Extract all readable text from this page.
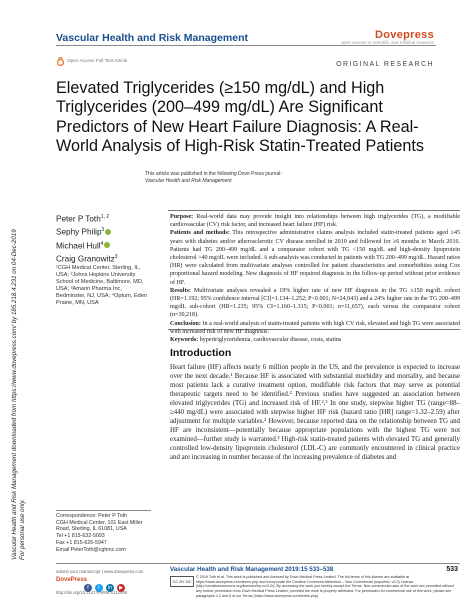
Vascular Health and Risk Management	Dovepress
open access to scientific and medical research
Open Access Full Text Article
ORIGINAL RESEARCH
Elevated Triglycerides (≥150 mg/dL) and High Triglycerides (200–499 mg/dL) Are Significant Predictors of New Heart Failure Diagnosis: A Real-World Analysis of High-Risk Statin-Treated Patients
This article was published in the following Dove Press journal:
Vascular Health and Risk Management
Peter P Toth$^{1, 2}$
Sephy Philip$^3$
Michael Hull$^4$
Craig Granowitz$^3$
¹CGH Medical Center, Sterling, IL, USA; ²Johns Hopkins University School of Medicine, Baltimore, MD, USA; ³Amarin Pharma Inc, Bedminster, NJ, USA; ⁴Optum, Eden Prairie, MN, USA
Purpose: Real-world data may provide insight into relationships between high triglycerides (TG), a modifiable cardiovascular (CV) risk factor, and increased heart failure (HF) risk.
Patients and methods: This retrospective administrative claims analysis included statin-treated patients aged ≥45 years with diabetes and/or atherosclerotic CV disease enrolled in 2010 and followed for ≥6 months to March 2016. Patients had TG 200–499 mg/dL and a comparator cohort with TG <150 mg/dL and high-density lipoprotein cholesterol >40 mg/dL were included. A sub-analysis was conducted in patients with TG 200–499 mg/dL. Hazard ratios (HR) were calculated from multivariate analyses controlled for patient characteristics and comorbidities using Cox proportional hazard modeling. New diagnosis of HF required diagnosis in the follow-up period without prior evidence of HF.
Results: Multivariate analyses revealed a 19% higher rate of new HF diagnosis in the TG ≥150 mg/dL cohort (HR=1.192; 95% confidence interval [CI]=1.134–1.252; P<0.001; N=24,043) and a 24% higher rate in the TG 200–499 mg/dL sub-cohort (HR=1.235; 95% CI=1.160–1.315; P<0.001; n=11,657), each versus the comparator cohort (n=30,218).
Conclusion: In a real-world analysis of statin-treated patients with high CV risk, elevated and high TG were associated with increased risk of new HF diagnosis.
Keywords: hypertriglyceridemia, cardiovascular disease, costs, statins
Introduction
Heart failure (HF) affects nearly 6 million people in the US, and the prevalence is expected to increase over the next decade.¹ Because HF is associated with substantial morbidity and mortality, and because most patients lack a curative treatment option, modifiable risk factors that may serve as potential therapeutic targets need to be identified.² Previous studies have suggested an association between elevated triglycerides (TG) and increased risk of HF.²,³ In one study, stepwise higher TG (range=88–≥440 mg/dL) were associated with stepwise higher HF risk (hazard ratio [HR] range=1.32–2.59) after adjustment for multiple variables.² However, because reported data on the relationship between TG and HF are inconsistent—potentially because appropriate populations with the highest TG were not examined—further study is warranted.² High-risk statin-treated patients with elevated TG and generally controlled low-density lipoprotein cholesterol (LDL-C) are commonly encountered in clinical practice and are increasing in number because of the increasing prevalence of diabetes and
Correspondence: Peter P Toth
CGH Medical Center, 101 East Miller Road, Sterling, IL 61081, USA
Tel +1 815-632-5093
Fax +1 815-626-5947
Email PeterToth@cghmc.com
Vascular Health and Risk Management 2019:15 533–538	533
submit your manuscript | www.dovepress.com
DovePress
f t in ▶
http://doi.org/10.2147/VHRM.S212548
CC BY NC
© 2019 Toth et al. This work is published and licensed by Dove Medical Press Limited. The full terms of this license are available at https://www.dovepress.com/terms.php and incorporate the Creative Commons Attribution – Non Commercial (unported, v3.0) License (http://creativecommons.org/licenses/by-nc/3.0/). By accessing the work you hereby accept the Terms. Non-commercial uses of the work are permitted without any further permission from Dove Medical Press Limited, provided the work is properly attributed. For permission for commercial use of this work, please see paragraphs 4.2 and 5 of our Terms (https://www.dovepress.com/terms.php).
Vascular Health and Risk Management downloaded from https://www.dovepress.com/ by 185.218.4.231 on 04-Dec-2019 For personal use only.
